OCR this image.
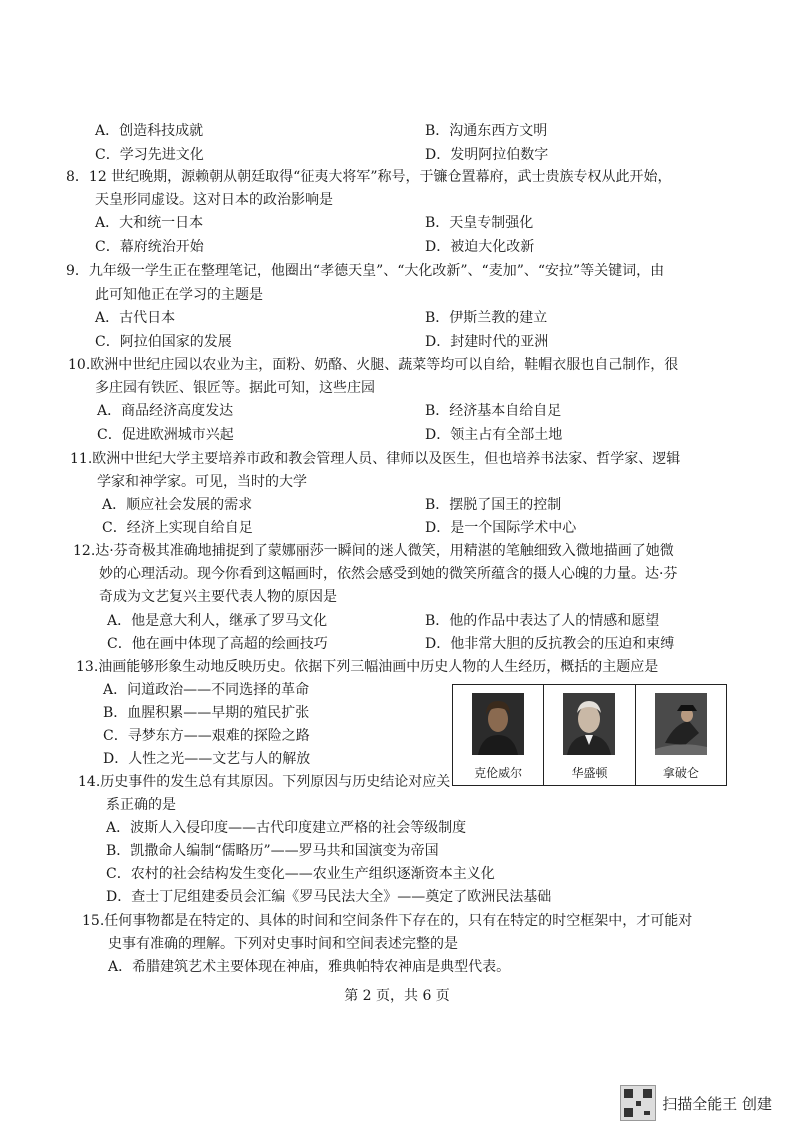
A．创造科技成就	B．沟通东西方文明
C．学习先进文化	D．发明阿拉伯数字
8．12 世纪晚期，源赖朝从朝廷取得“征夷大将军”称号，于镰仓置幕府，武士贵族专权从此开始，
天皇形同虚设。这对日本的政治影响是
A．大和统一日本	B．天皇专制强化
C．幕府统治开始	D．被迫大化改新
9．九年级一学生正在整理笔记，他圈出“孝德天皇”、“大化改新”、“麦加”、“安拉”等关键词，由
此可知他正在学习的主题是
A．古代日本	B．伊斯兰教的建立
C．阿拉伯国家的发展	D．封建时代的亚洲
10.欧洲中世纪庄园以农业为主，面粉、奶酪、火腿、蔬菜等均可以自给，鞋帽衣服也自己制作，很
多庄园有铁匠、银匠等。据此可知，这些庄园
A．商品经济高度发达	B．经济基本自给自足
C．促进欧洲城市兴起	D．领主占有全部土地
11.欧洲中世纪大学主要培养市政和教会管理人员、律师以及医生，但也培养书法家、哲学家、逻辑
学家和神学家。可见，当时的大学
A．顺应社会发展的需求	B．摆脱了国王的控制
C．经济上实现自给自足	D．是一个国际学术中心
12.达·芬奇极其准确地捕捉到了蒙娜丽莎一瞬间的迷人微笑，用精湛的笔触细致入微地描画了她微
妙的心理活动。现今你看到这幅画时，依然会感受到她的微笑所蕴含的摄人心魄的力量。达·芬
奇成为文艺复兴主要代表人物的原因是
A．他是意大利人，继承了罗马文化	B．他的作品中表达了人的情感和愿望
C．他在画中体现了高超的绘画技巧	D．他非常大胆的反抗教会的压迫和束缚
13.油画能够形象生动地反映历史。依据下列三幅油画中历史人物的人生经历，概括的主题应是
A．问道政治——不同选择的革命
B．血腥积累——早期的殖民扩张
C．寻梦东方——艰难的探险之路
D．人性之光——文艺与人的解放
克伦威尔	华盛顿	拿破仑
14.历史事件的发生总有其原因。下列原因与历史结论对应关
系正确的是
A．波斯人入侵印度——古代印度建立严格的社会等级制度
B．凯撒命人编制“儒略历”——罗马共和国演变为帝国
C．农村的社会结构发生变化——农业生产组织逐渐资本主义化
D．查士丁尼组建委员会汇编《罗马民法大全》——奠定了欧洲民法基础
15.任何事物都是在特定的、具体的时间和空间条件下存在的，只有在特定的时空框架中，才可能对
史事有准确的理解。下列对史事时间和空间表述完整的是
A．希腊建筑艺术主要体现在神庙，雅典帕特农神庙是典型代表。
第 2 页，共 6 页
扫描全能王 创建
